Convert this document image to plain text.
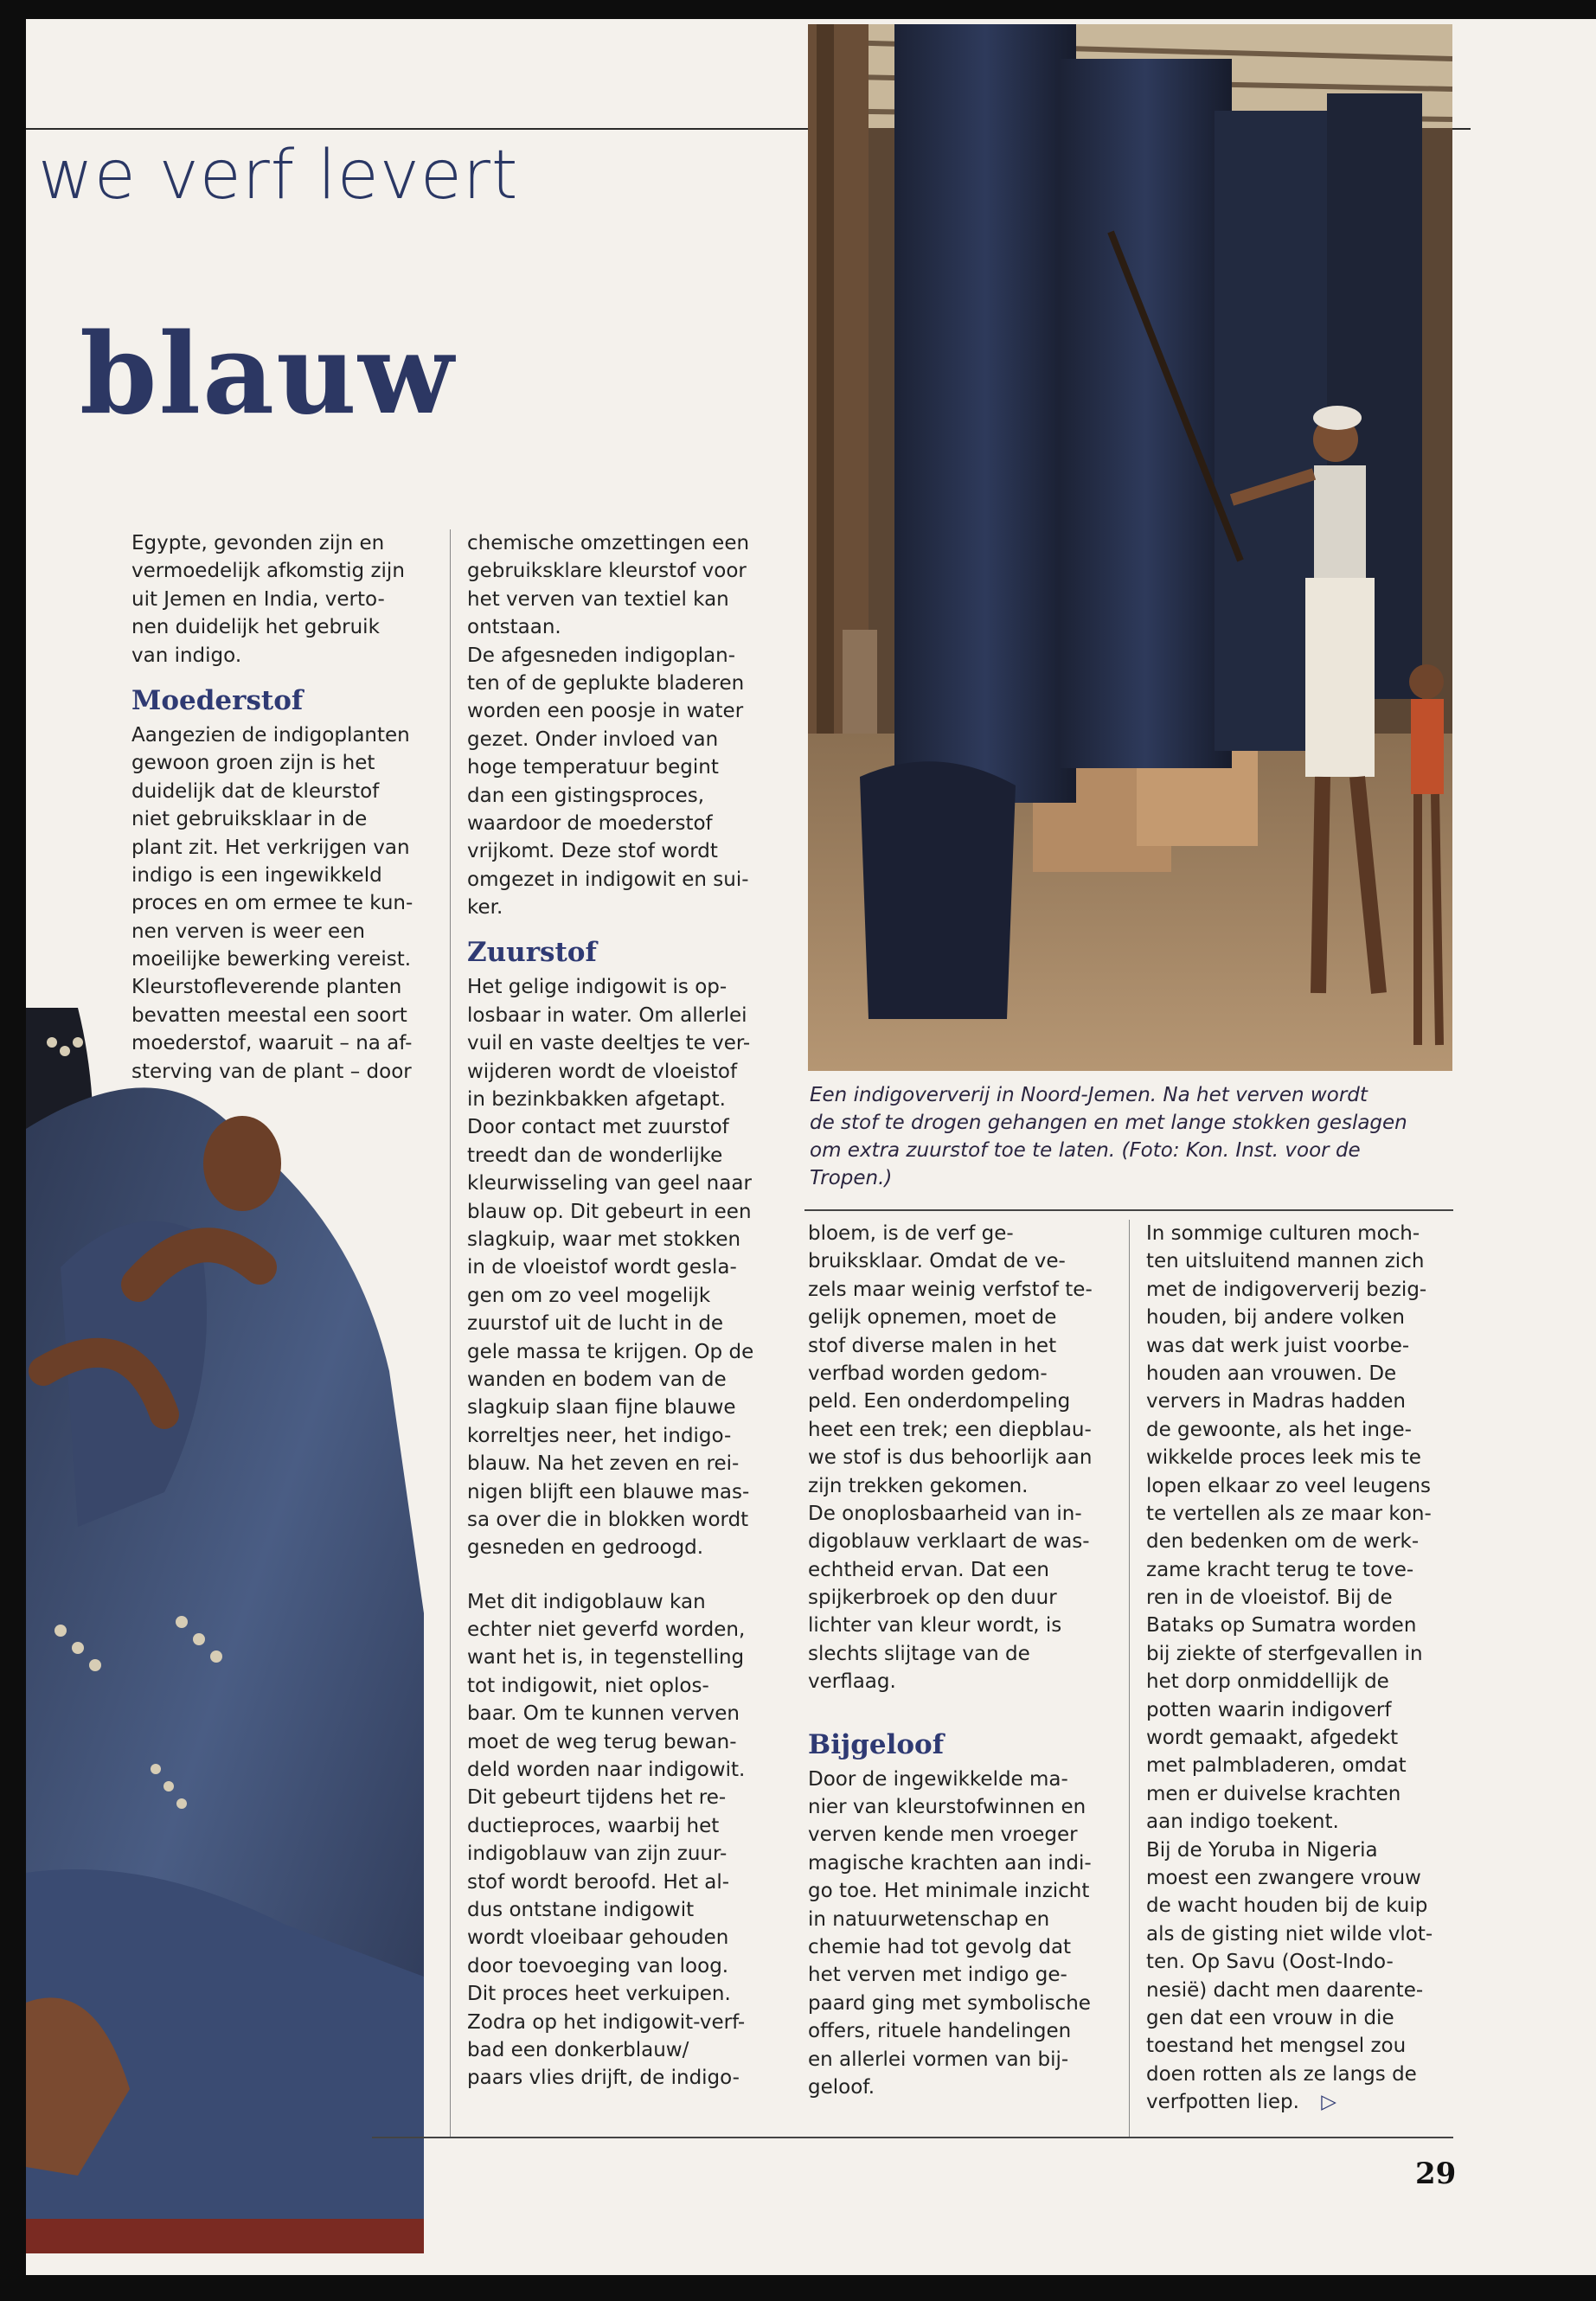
we verf levert
blauw
Egypte, gevonden zijn en
vermoedelijk afkomstig zijn
uit Jemen en India, verto-
nen duidelijk het gebruik
van indigo.
Moederstof
Aangezien de indigoplanten
gewoon groen zijn is het
duidelijk dat de kleurstof
niet gebruiksklaar in de
plant zit. Het verkrijgen van
indigo is een ingewikkeld
proces en om ermee te kun-
nen verven is weer een
moeilijke bewerking vereist.
Kleurstofleverende planten
bevatten meestal een soort
moederstof, waaruit – na af-
sterving van de plant – door
chemische omzettingen een
gebruiksklare kleurstof voor
het verven van textiel kan
ontstaan.
De afgesneden indigoplan-
ten of de geplukte bladeren
worden een poosje in water
gezet. Onder invloed van
hoge temperatuur begint
dan een gistingsproces,
waardoor de moederstof
vrijkomt. Deze stof wordt
omgezet in indigowit en sui-
ker.
Zuurstof
Het gelige indigowit is op-
losbaar in water. Om allerlei
vuil en vaste deeltjes te ver-
wijderen wordt de vloeistof
in bezinkbakken afgetapt.
Door contact met zuurstof
treedt dan de wonderlijke
kleurwisseling van geel naar
blauw op. Dit gebeurt in een
slagkuip, waar met stokken
in de vloeistof wordt gesla-
gen om zo veel mogelijk
zuurstof uit de lucht in de
gele massa te krijgen. Op de
wanden en bodem van de
slagkuip slaan fijne blauwe
korreltjes neer, het indigo-
blauw. Na het zeven en rei-
nigen blijft een blauwe mas-
sa over die in blokken wordt
gesneden en gedroogd.
Met dit indigoblauw kan
echter niet geverfd worden,
want het is, in tegenstelling
tot indigowit, niet oplos-
baar. Om te kunnen verven
moet de weg terug bewan-
deld worden naar indigowit.
Dit gebeurt tijdens het re-
ductieproces, waarbij het
indigoblauw van zijn zuur-
stof wordt beroofd. Het al-
dus ontstane indigowit
wordt vloeibaar gehouden
door toevoeging van loog.
Dit proces heet verkuipen.
Zodra op het indigowit-verf-
bad een donkerblauw/
paars vlies drijft, de indigo-
Een indigoververij in Noord-Jemen. Na het verven wordt
de stof te drogen gehangen en met lange stokken geslagen
om extra zuurstof toe te laten. (Foto: Kon. Inst. voor de
Tropen.)
bloem, is de verf ge-
bruiksklaar. Omdat de ve-
zels maar weinig verfstof te-
gelijk opnemen, moet de
stof diverse malen in het
verfbad worden gedom-
peld. Een onderdompeling
heet een trek; een diepblau-
we stof is dus behoorlijk aan
zijn trekken gekomen.
De onoplosbaarheid van in-
digoblauw verklaart de was-
echtheid ervan. Dat een
spijkerbroek op den duur
lichter van kleur wordt, is
slechts slijtage van de
verflaag.
Bijgeloof
Door de ingewikkelde ma-
nier van kleurstofwinnen en
verven kende men vroeger
magische krachten aan indi-
go toe. Het minimale inzicht
in natuurwetenschap en
chemie had tot gevolg dat
het verven met indigo ge-
paard ging met symbolische
offers, rituele handelingen
en allerlei vormen van bij-
geloof.
In sommige culturen moch-
ten uitsluitend mannen zich
met de indigoververij bezig-
houden, bij andere volken
was dat werk juist voorbe-
houden aan vrouwen. De
ververs in Madras hadden
de gewoonte, als het inge-
wikkelde proces leek mis te
lopen elkaar zo veel leugens
te vertellen als ze maar kon-
den bedenken om de werk-
zame kracht terug te tove-
ren in de vloeistof. Bij de
Bataks op Sumatra worden
bij ziekte of sterfgevallen in
het dorp onmiddellijk de
potten waarin indigoverf
wordt gemaakt, afgedekt
met palmbladeren, omdat
men er duivelse krachten
aan indigo toekent.
Bij de Yoruba in Nigeria
moest een zwangere vrouw
de wacht houden bij de kuip
als de gisting niet wilde vlot-
ten. Op Savu (Oost-Indo-
nesië) dacht men daarente-
gen dat een vrouw in die
toestand het mengsel zou
doen rotten als ze langs de
verfpotten liep. ▷
29
